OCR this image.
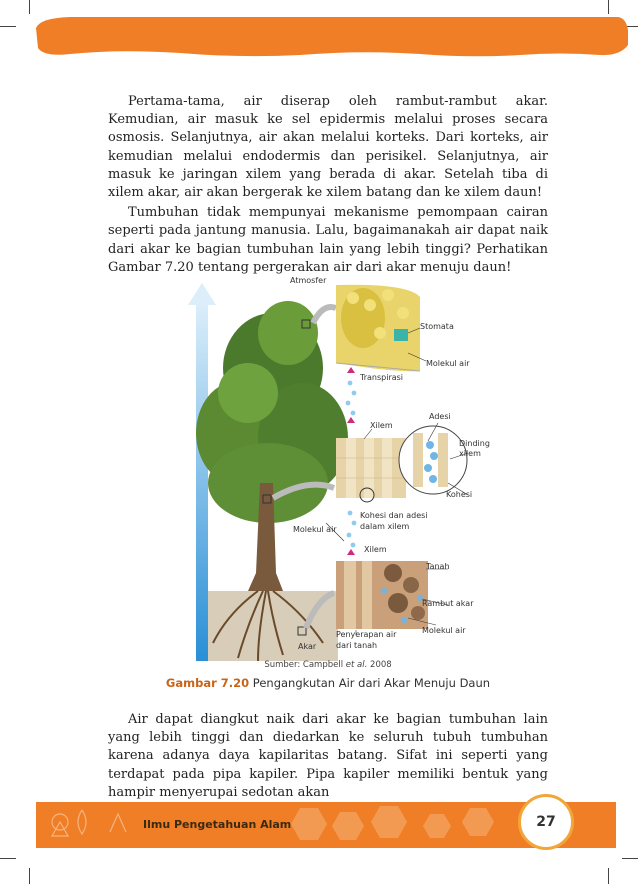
Pertama-tama, air diserap oleh rambut-rambut akar. Kemudian, air masuk ke sel epidermis melalui proses secara osmosis. Selanjutnya, air akan melalui korteks. Dari korteks, air kemudian melalui endodermis dan perisikel. Selanjutnya, air masuk ke jaringan xilem yang berada di akar. Setelah tiba di xilem akar, air akan bergerak ke xilem batang dan ke xilem daun!

Tumbuhan tidak mempunyai mekanisme pemompaan cairan seperti pada jantung manusia. Lalu, bagaimanakah air dapat naik dari akar ke bagian tumbuhan lain yang lebih tinggi? Perhatikan Gambar 7.20 tentang pergerakan air dari akar menuju daun!

Atmosfer
Stomata
Molekul air
Transpirasi
Adesi
Xilem
Dinding
xilem
Kohesi
Kohesi dan adesi
dalam xilem
Molekul air
Xilem
Tanah
Rambut akar
Molekul air
Penyerapan air
dari tanah
Akar
Sumber: Campbell et al. 2008
Gambar 7.20 Pengangkutan Air dari Akar Menuju Daun

Air dapat diangkut naik dari akar ke bagian tumbuhan lain yang lebih tinggi dan diedarkan ke seluruh tubuh tumbuhan karena adanya daya kapilaritas batang. Sifat ini seperti yang terdapat pada pipa kapiler. Pipa kapiler memiliki bentuk yang hampir menyerupai sedotan akan

Ilmu Pengetahuan Alam	27
